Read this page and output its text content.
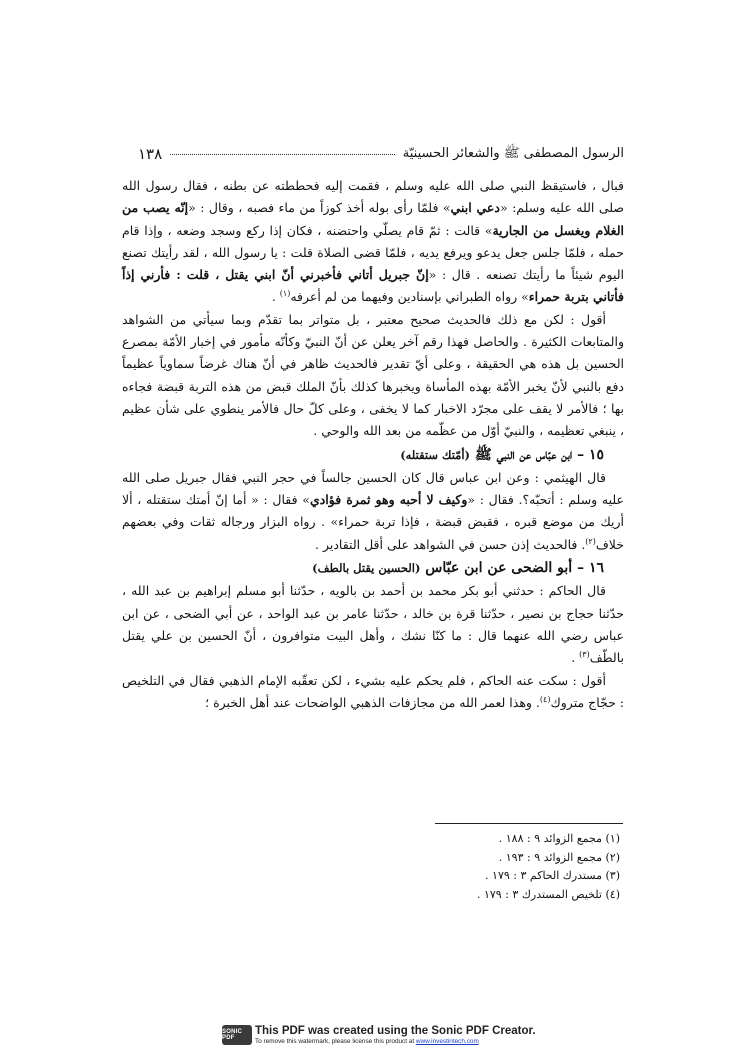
١٣٨	الرسول المصطفى ﷺ والشعائر الحسينيّة

فبال ، فاستيقظ النبي صلى الله عليه وسلم ، فقمت إليه فحططته عن بطنه ، فقال رسول الله صلى الله عليه وسلم: «دعي ابني» فلمّا رأى بوله أخذ كوزاً من ماء فصبه ، وقال : «إنّه يصب من الغلام ويغسل من الجارية» قالت : ثمّ قام يصلّي واحتضنه ، فكان إذا ركع وسجد وضعه ، وإذا قام حمله ، فلمّا جلس جعل يدعو ويرفع يديه ، فلمّا قضى الصلاة قلت : يا رسول الله ، لقد رأيتك تصنع اليوم شيئاً ما رأيتك تصنعه . قال : «إنّ جبريل أتاني فأخبرني أنّ ابني يقتل ، قلت : فأرني إذاً فأتاني بتربة حمراء» رواه الطبراني بإسنادين وفيهما من لم أعرفه$^{(١)}$ .

أقول : لكن مع ذلك فالحديث صحيح معتبر ، بل متواتر بما تقدّم وبما سيأتي من الشواهد والمتابعات الكثيرة . والحاصل فهذا رقم آخر يعلن عن أنّ النبيّ وكأنّه مأمور في إخبار الأمّة بمصرع الحسين بل هذه هي الحقيقة ، وعلى أيّ تقدير فالحديث ظاهر في أنّ هناك غرضاً سماوياً عظيماً دفع بالنبي لأنّ يخبر الأمّة بهذه المأساة ويخبرها كذلك بأنّ الملك قبض من هذه التربة قبضة فجاءه بها ؛ فالأمر لا يقف على مجرّد الاخبار كما لا يخفى ، وعلى كلّ حال فالأمر ينطوي على شأن عظيم ، ينبغي تعظيمه ، والنبيّ أوّل من عظّمه من بعد الله والوحي .

١٥ – ابن عبّاس عن النبي ﷺ (أمّتك ستقتله)

قال الهيثمي : وعن ابن عباس قال كان الحسين جالساً في حجر النبي فقال جبريل صلى الله عليه وسلم : أتحبّه؟. فقال : «وكيف لا أحبه وهو ثمرة فؤادي» فقال : « أما إنّ أمتك ستقتله ، ألا أريك من موضع قبره ، فقبض قبضة ، فإذا تربة حمراء» . رواه البزار ورجاله ثقات وفي بعضهم خلاف$^{(٢)}$. فالحديث إذن حسن في الشواهد على أقل التقادير .

١٦ – أبو الضحى عن ابن عبّاس (الحسين يقتل بالطف)

قال الحاكم : حدثني أبو بكر محمد بن أحمد بن بالويه ، حدّثنا أبو مسلم إبراهيم بن عبد الله ، حدّثنا حجاج بن نصير ، حدّثنا قرة بن خالد ، حدّثنا عامر بن عبد الواحد ، عن أبي الضحى ، عن ابن عباس رضي الله عنهما قال : ما كنّا نشك ، وأهل البيت متوافرون ، أنّ الحسين بن علي يقتل بالطّف$^{(٣)}$ .

أقول : سكت عنه الحاكم ، فلم يحكم عليه بشيء ، لكن تعقّبه الإمام الذهبي فقال في التلخيص : حجّاج متروك$^{(٤)}$. وهذا لعمر الله من مجازفات الذهبي الواضحات عند أهل الخبرة ؛

(١) مجمع الزوائد ٩ : ١٨٨ .
(٢) مجمع الزوائد ٩ : ١٩٣ .
(٣) مستدرك الحاكم ٣ : ١٧٩ .
(٤) تلخيص المستدرك ٣ : ١٧٩ .
SONIC PDF
This PDF was created using the Sonic PDF Creator.
To remove this watermark, please license this product at www.investintech.com
